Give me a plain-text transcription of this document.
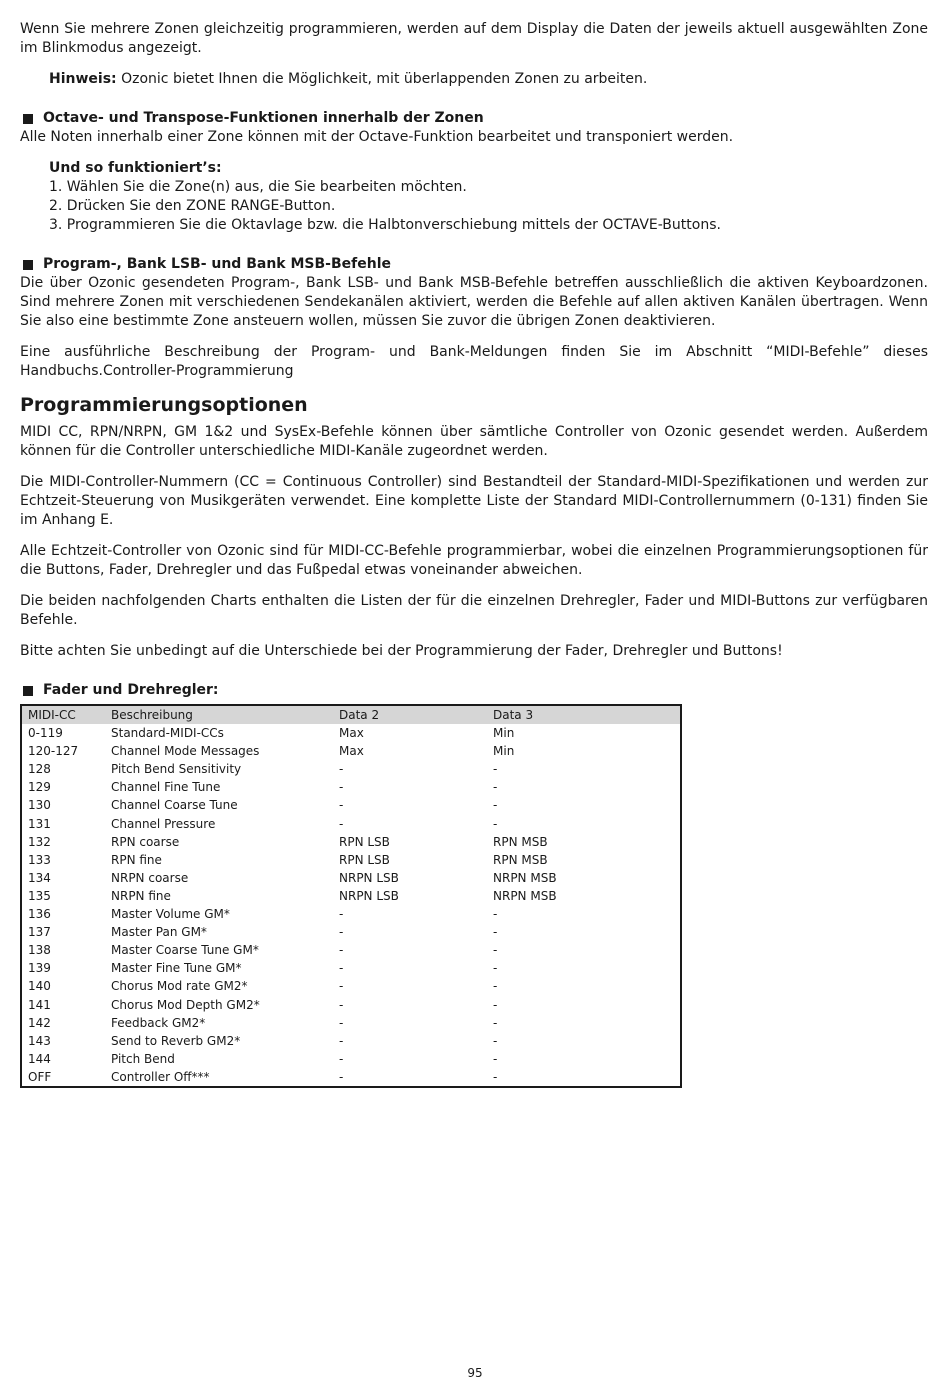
Wenn Sie mehrere Zonen gleichzeitig programmieren, werden auf dem Display die Daten der jeweils aktuell ausgewählten Zone im Blinkmodus angezeigt.

Hinweis: Ozonic bietet Ihnen die Möglichkeit, mit überlappenden Zonen zu arbeiten.

Octave- und Transpose-Funktionen innerhalb der Zonen

Alle Noten innerhalb einer Zone können mit der Octave-Funktion bearbeitet und transponiert werden.

Und so funktioniert’s:

1. Wählen Sie die Zone(n) aus, die Sie bearbeiten möchten.

2. Drücken Sie den ZONE RANGE-Button.

3. Programmieren Sie die Oktavlage bzw. die Halbtonverschiebung mittels der OCTAVE-Buttons.

Program-, Bank LSB- und Bank MSB-Befehle

Die über Ozonic gesendeten Program-, Bank LSB- und Bank MSB-Befehle betreffen ausschließlich die aktiven Keyboardzonen. Sind mehrere Zonen mit verschiedenen Sendekanälen aktiviert, werden die Befehle auf allen aktiven Kanälen übertragen. Wenn Sie also eine bestimmte Zone ansteuern wollen, müssen Sie zuvor die übrigen Zonen deaktivieren.

Eine ausführliche Beschreibung der Program- und Bank-Meldungen finden Sie im Abschnitt “MIDI-Befehle” dieses Handbuchs.Controller-Programmierung

Programmierungsoptionen

MIDI CC, RPN/NRPN, GM 1&2 und SysEx-Befehle können über sämtliche Controller von Ozonic gesendet werden. Außerdem können für die Controller unterschiedliche MIDI-Kanäle zugeordnet werden.

Die MIDI-Controller-Nummern (CC = Continuous Controller) sind Bestandteil der Standard-MIDI-Spezifikationen und werden zur Echtzeit-Steuerung von Musikgeräten verwendet. Eine komplette Liste der Standard MIDI-Controllernummern (0-131) finden Sie im Anhang E.

Alle Echtzeit-Controller von Ozonic sind für MIDI-CC-Befehle programmierbar, wobei die einzelnen Programmierungsoptionen für die Buttons, Fader, Drehregler und das Fußpedal etwas voneinander abweichen.

Die beiden nachfolgenden Charts enthalten die Listen der für die einzelnen Drehregler, Fader und MIDI-Buttons zur verfügbaren Befehle.

Bitte achten Sie unbedingt auf die Unterschiede bei der Programmierung der Fader, Drehregler und Buttons!

Fader und Drehregler:
MIDI-CC	Beschreibung	Data 2	Data 3
0-119	Standard-MIDI-CCs	Max	Min
120-127	Channel Mode Messages	Max	Min
128	Pitch Bend Sensitivity	-	-
129	Channel Fine Tune	-	-
130	Channel Coarse Tune	-	-
131	Channel Pressure	-	-
132	RPN coarse	RPN LSB	RPN MSB
133	RPN fine	RPN LSB	RPN MSB
134	NRPN coarse	NRPN LSB	NRPN MSB
135	NRPN fine	NRPN LSB	NRPN MSB
136	Master Volume GM*	-	-
137	Master Pan GM*	-	-
138	Master Coarse Tune GM*	-	-
139	Master Fine Tune GM*	-	-
140	Chorus Mod rate GM2*	-	-
141	Chorus Mod Depth GM2*	-	-
142	Feedback GM2*	-	-
143	Send to Reverb GM2*	-	-
144	Pitch Bend	-	-
OFF	Controller Off***	-	-
95
